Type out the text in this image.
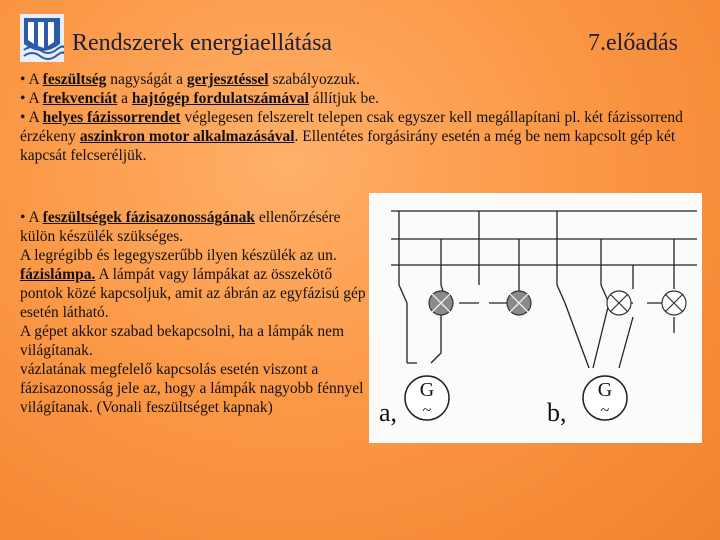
Rendszerek energiaellátása	7.előadás

• A feszültség nagyságát a gerjesztéssel szabályozzuk.

• A frekvenciát a hajtógép fordulatszámával állítjuk be.

• A helyes fázissorrendet véglegesen felszerelt telepen csak egyszer kell megállapítani pl. két fázissorrend érzékeny aszinkron motor alkalmazásával. Ellentétes forgásirány esetén a még be nem kapcsolt gép két kapcsát felcseréljük.

• A feszültségek fázisazonosságának ellenőrzésére külön készülék szükséges.

A legrégibb és legegyszerűbb ilyen készülék az un. fázislámpa. A lámpát vagy lámpákat az összekötő pontok közé kapcsoljuk, amit az ábrán az egyfázisú gép esetén látható.

A gépet akkor szabad bekapcsolni, ha a lámpák nem világítanak.

vázlatának megfelelő kapcsolás esetén viszont a fázisazonosság jele az, hogy a lámpák nagyobb fénnyel világítanak. (Vonali feszültséget kapnak)

G
~
G
~
a,	b,
